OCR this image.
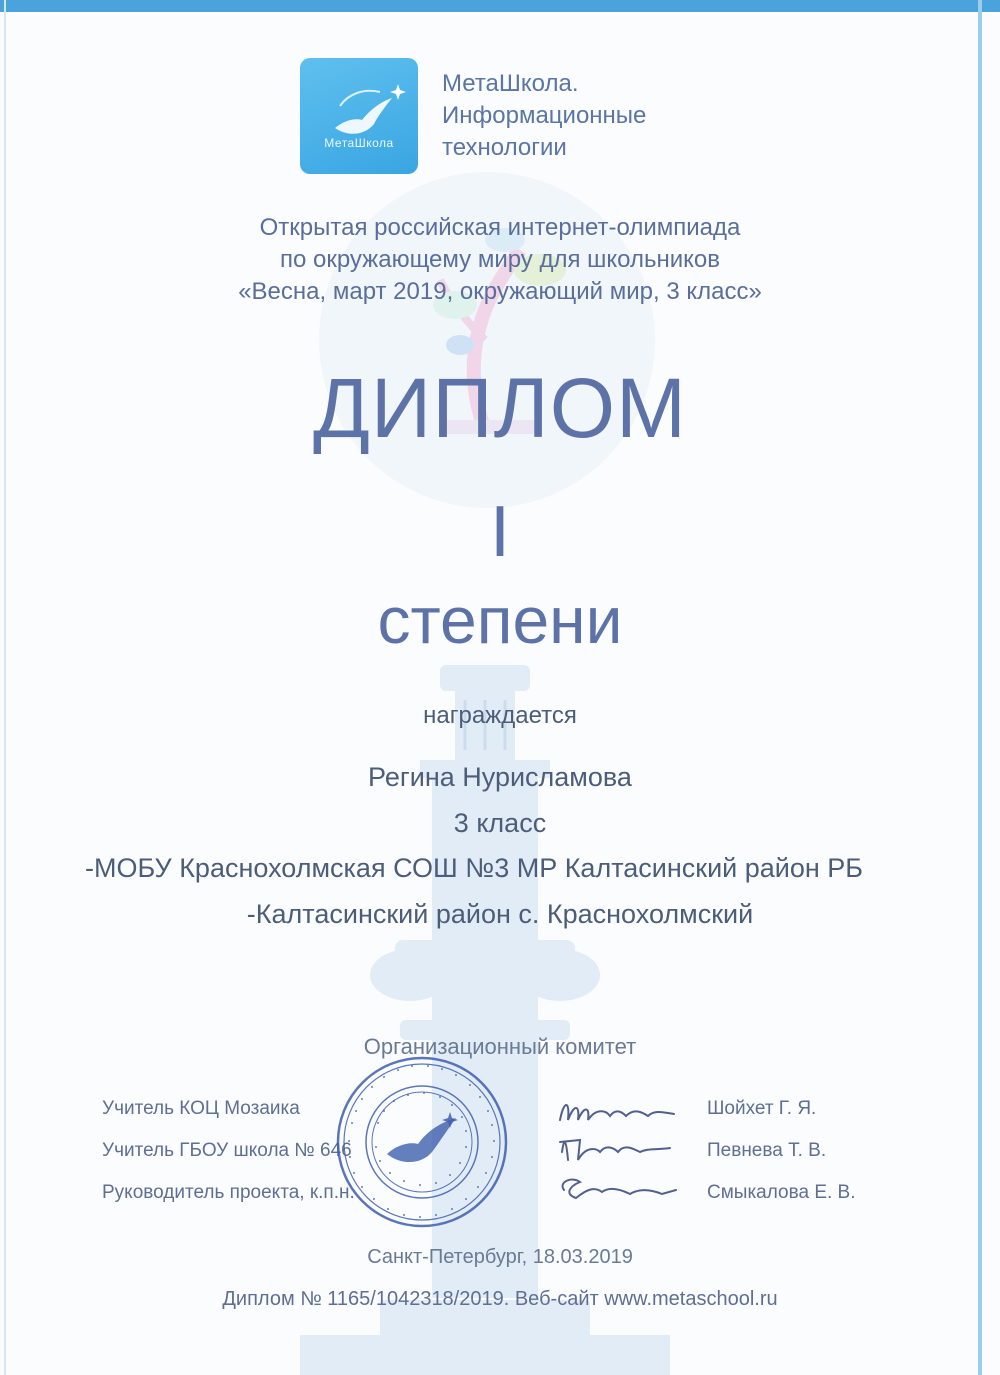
МетаШкола
МетаШкола.
Информационные
технологии
Открытая российская интернет-олимпиада
по окружающему миру для школьников
«Весна, март 2019, окружающий мир, 3 класс»
ДИПЛОМ
I
степени
награждается
Регина Нурисламова
3 класс
-МОБУ Краснохолмская СОШ №3 МР Калтасинский район РБ
-Калтасинский район с. Краснохолмский
Организационный комитет
Учитель КОЦ Мозаика
Учитель ГБОУ школа № 646
Руководитель проекта, к.п.н.
Шойхет Г. Я.
Певнева Т. В.
Смыкалова Е. В.
Санкт-Петербург, 18.03.2019
Диплом № 1165/1042318/2019. Веб-сайт www.metaschool.ru
